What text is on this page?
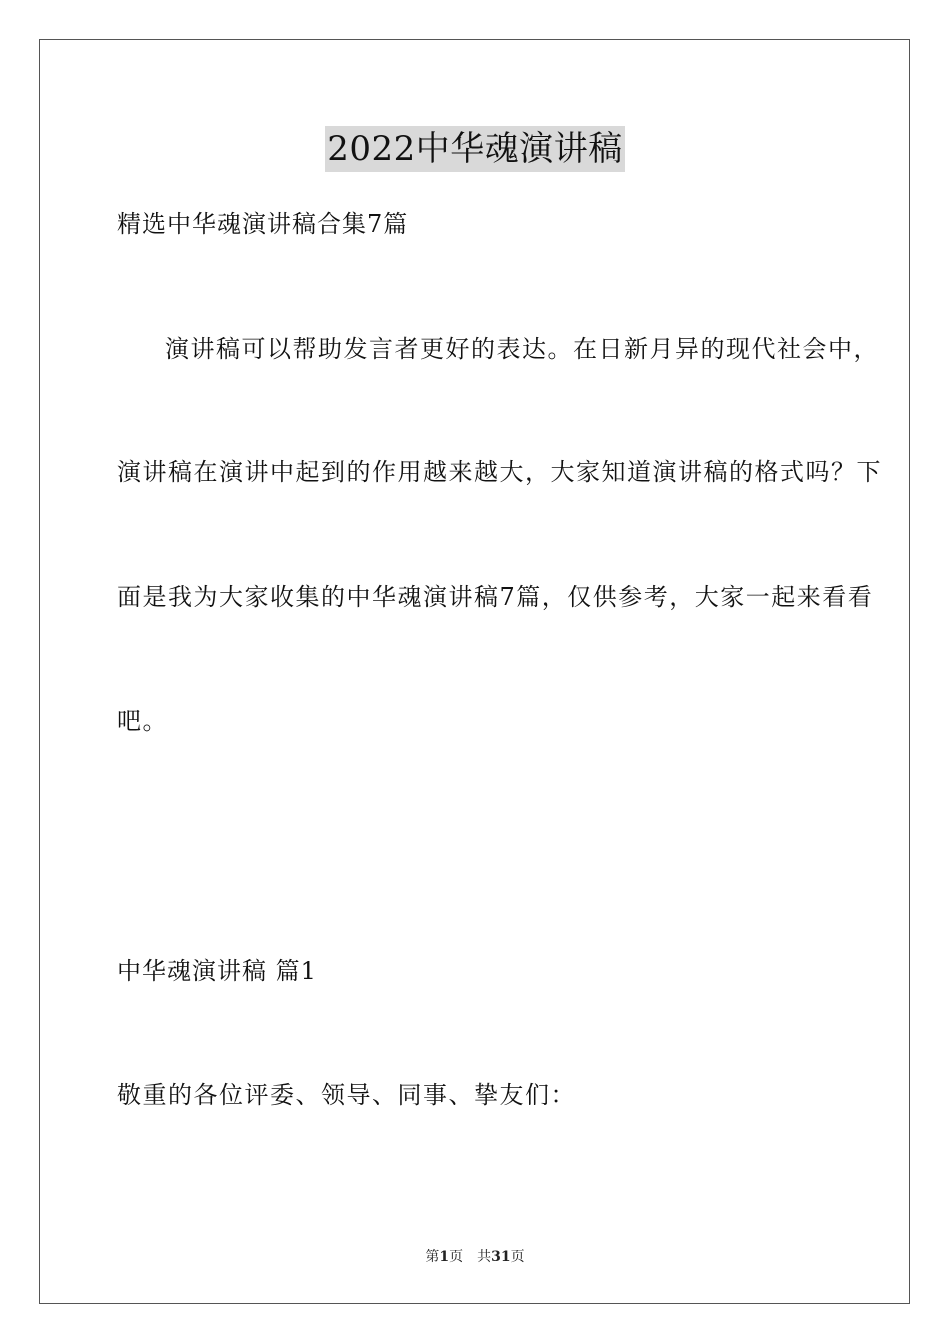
2022中华魂演讲稿
精选中华魂演讲稿合集7篇
演讲稿可以帮助发言者更好的表达。在日新月异的现代社会中，
演讲稿在演讲中起到的作用越来越大，大家知道演讲稿的格式吗？下
面是我为大家收集的中华魂演讲稿7篇，仅供参考，大家一起来看看
吧。
中华魂演讲稿 篇1
敬重的各位评委、领导、同事、挚友们：
第1页 共31页
